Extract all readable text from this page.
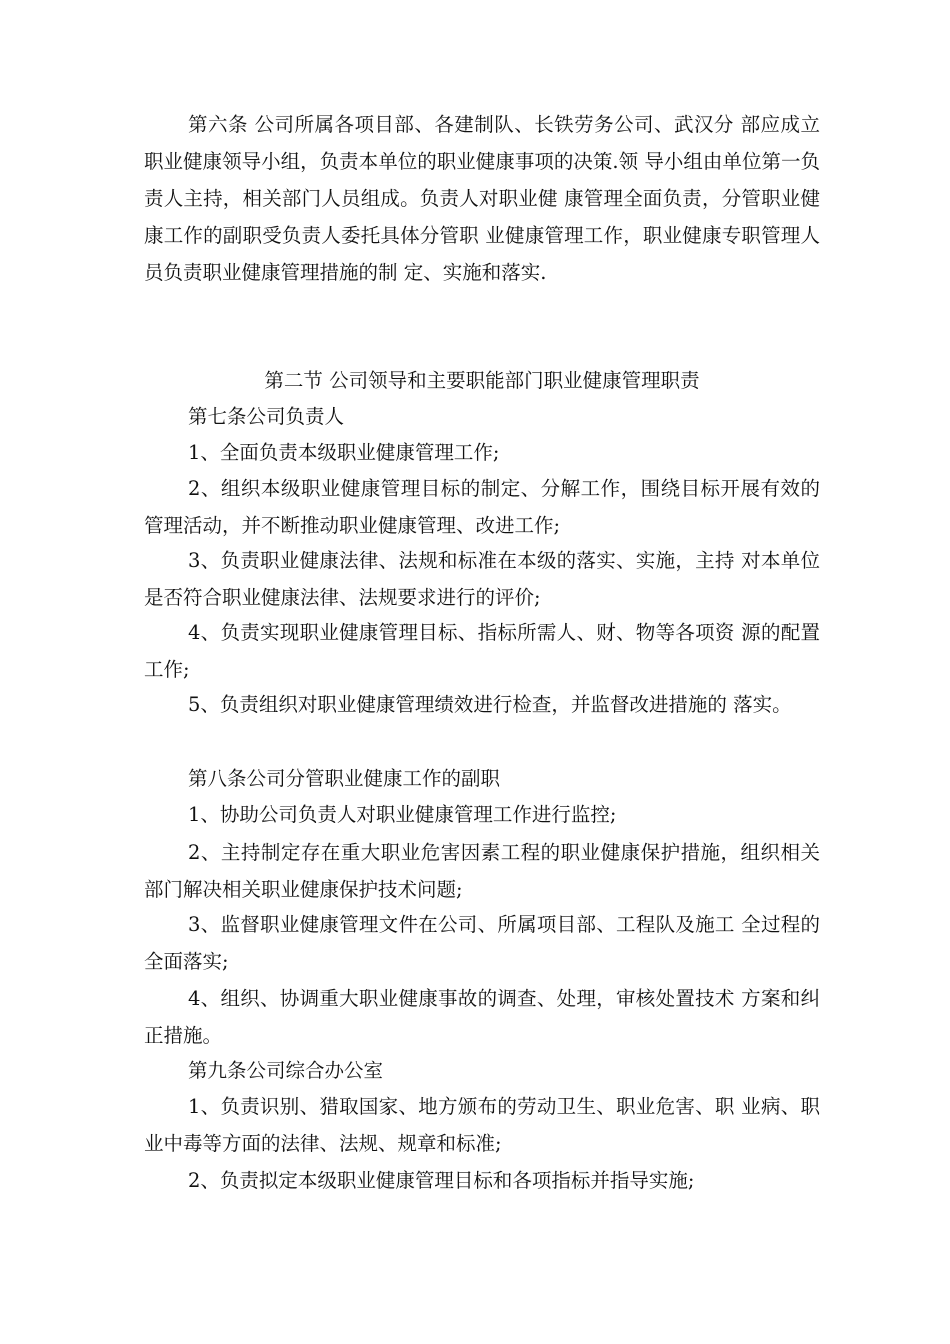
第六条 公司所属各项目部、各建制队、长铁劳务公司、武汉分 部应成立职业健康领导小组，负责本单位的职业健康事项的决策.领 导小组由单位第一负责人主持，相关部门人员组成。负责人对职业健 康管理全面负责，分管职业健康工作的副职受负责人委托具体分管职 业健康管理工作，职业健康专职管理人员负责职业健康管理措施的制 定、实施和落实.

第二节 公司领导和主要职能部门职业健康管理职责

第七条公司负责人

1、全面负责本级职业健康管理工作;

2、组织本级职业健康管理目标的制定、分解工作，围绕目标开展有效的管理活动，并不断推动职业健康管理、改进工作;

3、负责职业健康法律、法规和标准在本级的落实、实施，主持 对本单位是否符合职业健康法律、法规要求进行的评价;

4、负责实现职业健康管理目标、指标所需人、财、物等各项资 源的配置工作;

5、负责组织对职业健康管理绩效进行检查，并监督改进措施的 落实。

第八条公司分管职业健康工作的副职

1、协助公司负责人对职业健康管理工作进行监控;

2、主持制定存在重大职业危害因素工程的职业健康保护措施，组织相关部门解决相关职业健康保护技术问题;

3、监督职业健康管理文件在公司、所属项目部、工程队及施工 全过程的全面落实;

4、组织、协调重大职业健康事故的调查、处理，审核处置技术 方案和纠正措施。

第九条公司综合办公室

1、负责识别、猎取国家、地方颁布的劳动卫生、职业危害、职 业病、职业中毒等方面的法律、法规、规章和标准;

2、负责拟定本级职业健康管理目标和各项指标并指导实施;
